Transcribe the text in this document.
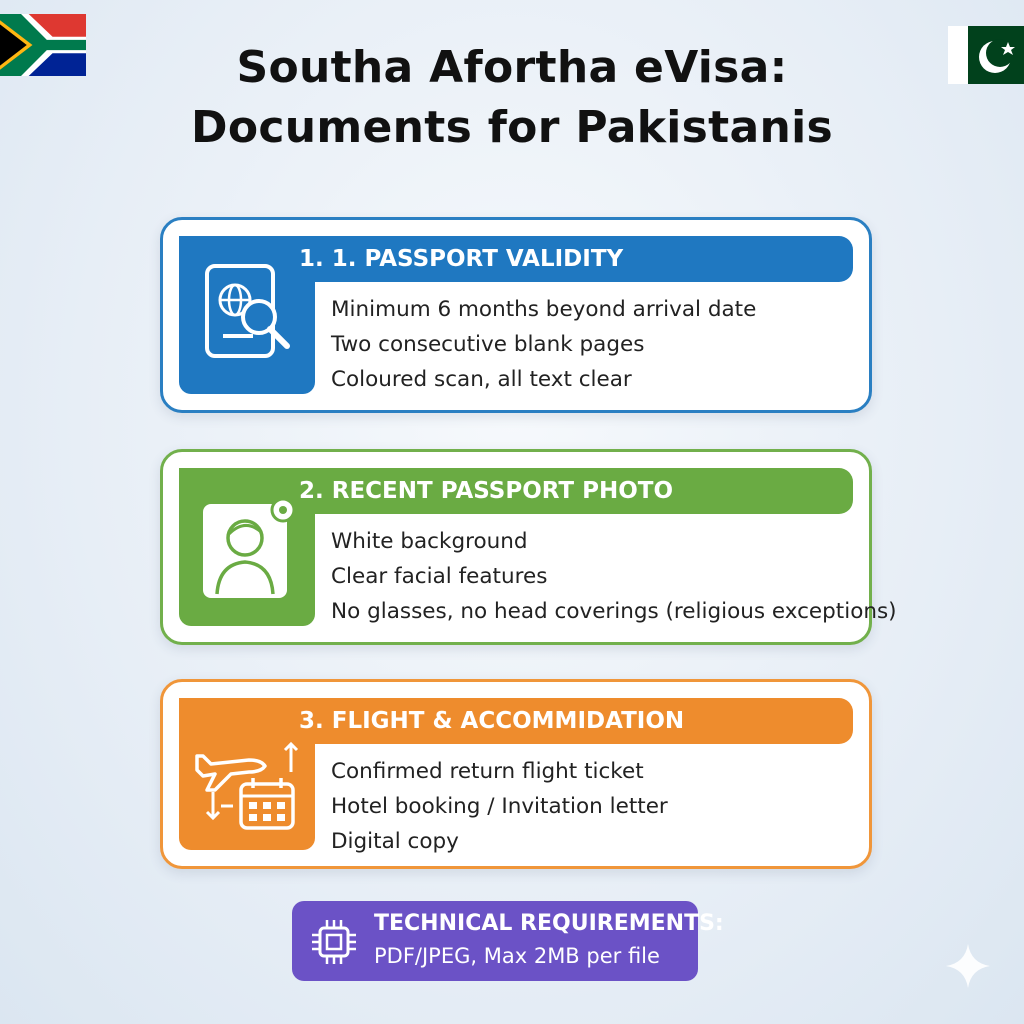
Southa Afortha eVisa:
Documents for Pakistanis
1. 1. PASSPORT VALIDITY
Minimum 6 months beyond arrival date
Two consecutive blank pages
Coloured scan, all text clear
2. RECENT PASSPORT PHOTO
White background
Clear facial features
No glasses, no head coverings (religious exceptions)
3. FLIGHT & ACCOMMIDATION
Confirmed return flight ticket
Hotel booking / Invitation letter
Digital copy
TECHNICAL REQUIREMENTS:
PDF/JPEG, Max 2MB per file
